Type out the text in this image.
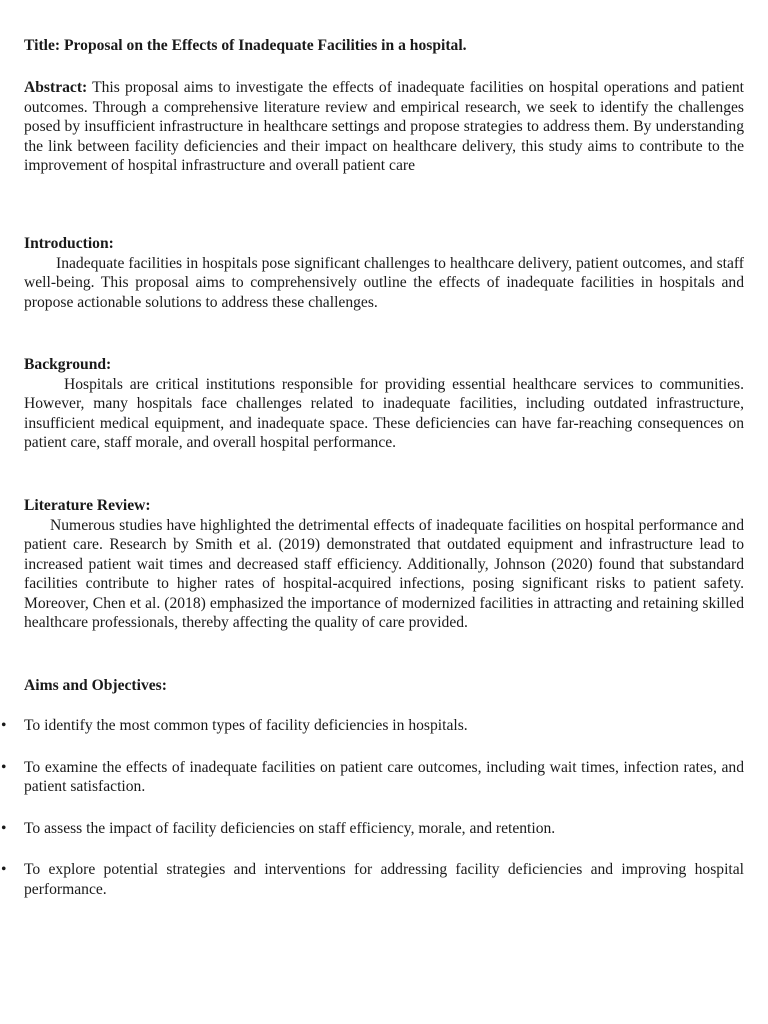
Title: Proposal on the Effects of Inadequate Facilities in a hospital.

Abstract: This proposal aims to investigate the effects of inadequate facilities on hospital operations and patient outcomes. Through a comprehensive literature review and empirical research, we seek to identify the challenges posed by insufficient infrastructure in healthcare settings and propose strategies to address them. By understanding the link between facility deficiencies and their impact on healthcare delivery, this study aims to contribute to the improvement of hospital infrastructure and overall patient care

Introduction:

Inadequate facilities in hospitals pose significant challenges to healthcare delivery, patient outcomes, and staff well-being. This proposal aims to comprehensively outline the effects of inadequate facilities in hospitals and propose actionable solutions to address these challenges.

Background:

Hospitals are critical institutions responsible for providing essential healthcare services to communities. However, many hospitals face challenges related to inadequate facilities, including outdated infrastructure, insufficient medical equipment, and inadequate space. These deficiencies can have far-reaching consequences on patient care, staff morale, and overall hospital performance.

Literature Review:

Numerous studies have highlighted the detrimental effects of inadequate facilities on hospital performance and patient care. Research by Smith et al. (2019) demonstrated that outdated equipment and infrastructure lead to increased patient wait times and decreased staff efficiency. Additionally, Johnson (2020) found that substandard facilities contribute to higher rates of hospital-acquired infections, posing significant risks to patient safety. Moreover, Chen et al. (2018) emphasized the importance of modernized facilities in attracting and retaining skilled healthcare professionals, thereby affecting the quality of care provided.

Aims and Objectives:
• To identify the most common types of facility deficiencies in hospitals.
• To examine the effects of inadequate facilities on patient care outcomes, including wait times, infection rates, and patient satisfaction.
• To assess the impact of facility deficiencies on staff efficiency, morale, and retention.
• To explore potential strategies and interventions for addressing facility deficiencies and improving hospital performance.
